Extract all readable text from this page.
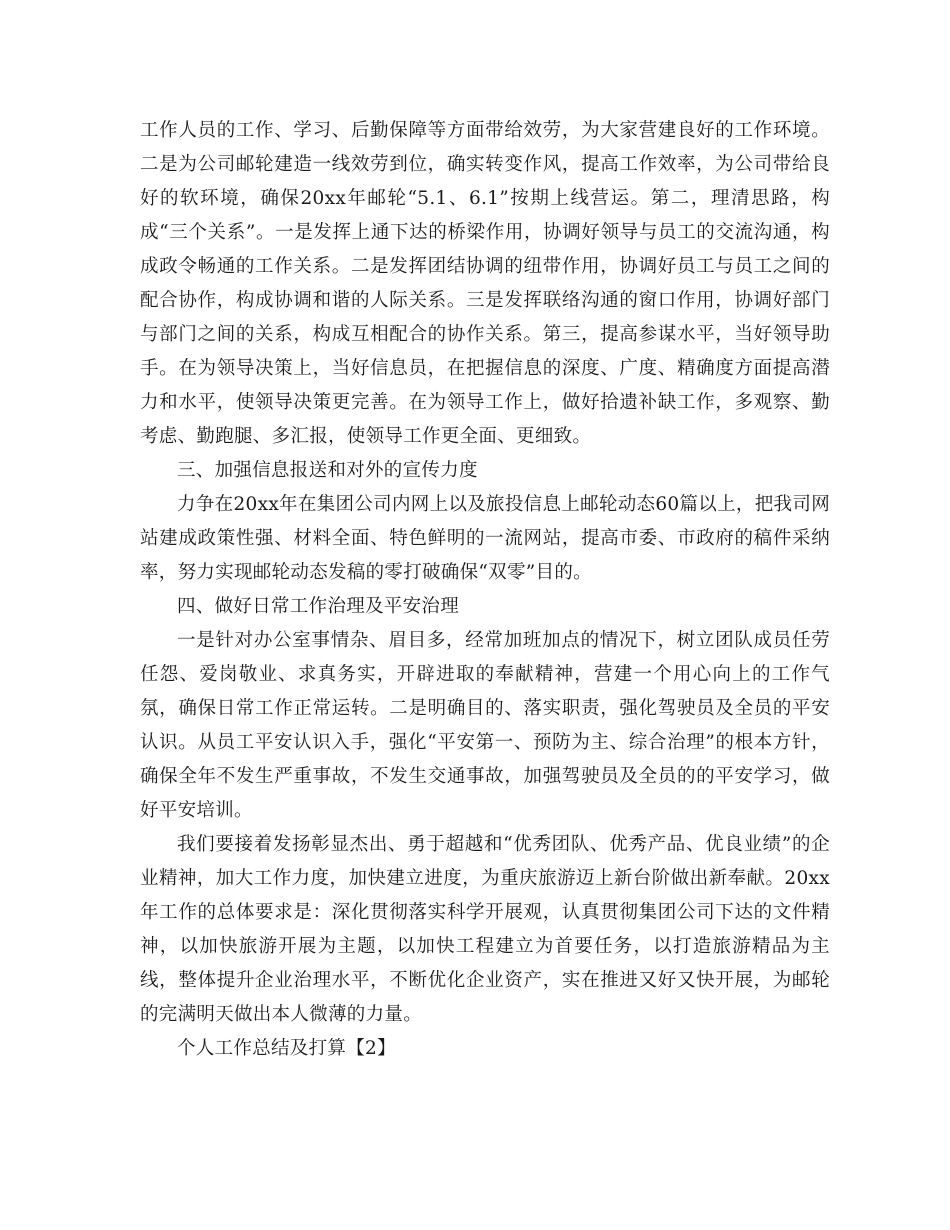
工作人员的工作、学习、后勤保障等方面带给效劳，为大家营建良好的工作环境。二是为公司邮轮建造一线效劳到位，确实转变作风，提高工作效率，为公司带给良好的软环境，确保20xx年邮轮“5.1、6.1”按期上线营运。第二，理清思路，构成“三个关系”。一是发挥上通下达的桥梁作用，协调好领导与员工的交流沟通，构成政令畅通的工作关系。二是发挥团结协调的纽带作用，协调好员工与员工之间的配合协作，构成协调和谐的人际关系。三是发挥联络沟通的窗口作用，协调好部门与部门之间的关系，构成互相配合的协作关系。第三，提高参谋水平，当好领导助手。在为领导决策上，当好信息员，在把握信息的深度、广度、精确度方面提高潜力和水平，使领导决策更完善。在为领导工作上，做好拾遗补缺工作，多观察、勤考虑、勤跑腿、多汇报，使领导工作更全面、更细致。

三、加强信息报送和对外的宣传力度

力争在20xx年在集团公司内网上以及旅投信息上邮轮动态60篇以上，把我司网站建成政策性强、材料全面、特色鲜明的一流网站，提高市委、市政府的稿件采纳率，努力实现邮轮动态发稿的零打破确保“双零”目的。

四、做好日常工作治理及平安治理

一是针对办公室事情杂、眉目多，经常加班加点的情况下，树立团队成员任劳任怨、爱岗敬业、求真务实，开辟进取的奉献精神，营建一个用心向上的工作气氛，确保日常工作正常运转。二是明确目的、落实职责，强化驾驶员及全员的平安认识。从员工平安认识入手，强化“平安第一、预防为主、综合治理”的根本方针，确保全年不发生严重事故，不发生交通事故，加强驾驶员及全员的的平安学习，做好平安培训。

我们要接着发扬彰显杰出、勇于超越和“优秀团队、优秀产品、优良业绩”的企业精神，加大工作力度，加快建立进度，为重庆旅游迈上新台阶做出新奉献。20xx年工作的总体要求是：深化贯彻落实科学开展观，认真贯彻集团公司下达的文件精神，以加快旅游开展为主题，以加快工程建立为首要任务，以打造旅游精品为主线，整体提升企业治理水平，不断优化企业资产，实在推进又好又快开展，为邮轮的完满明天做出本人微薄的力量。

个人工作总结及打算【2】
